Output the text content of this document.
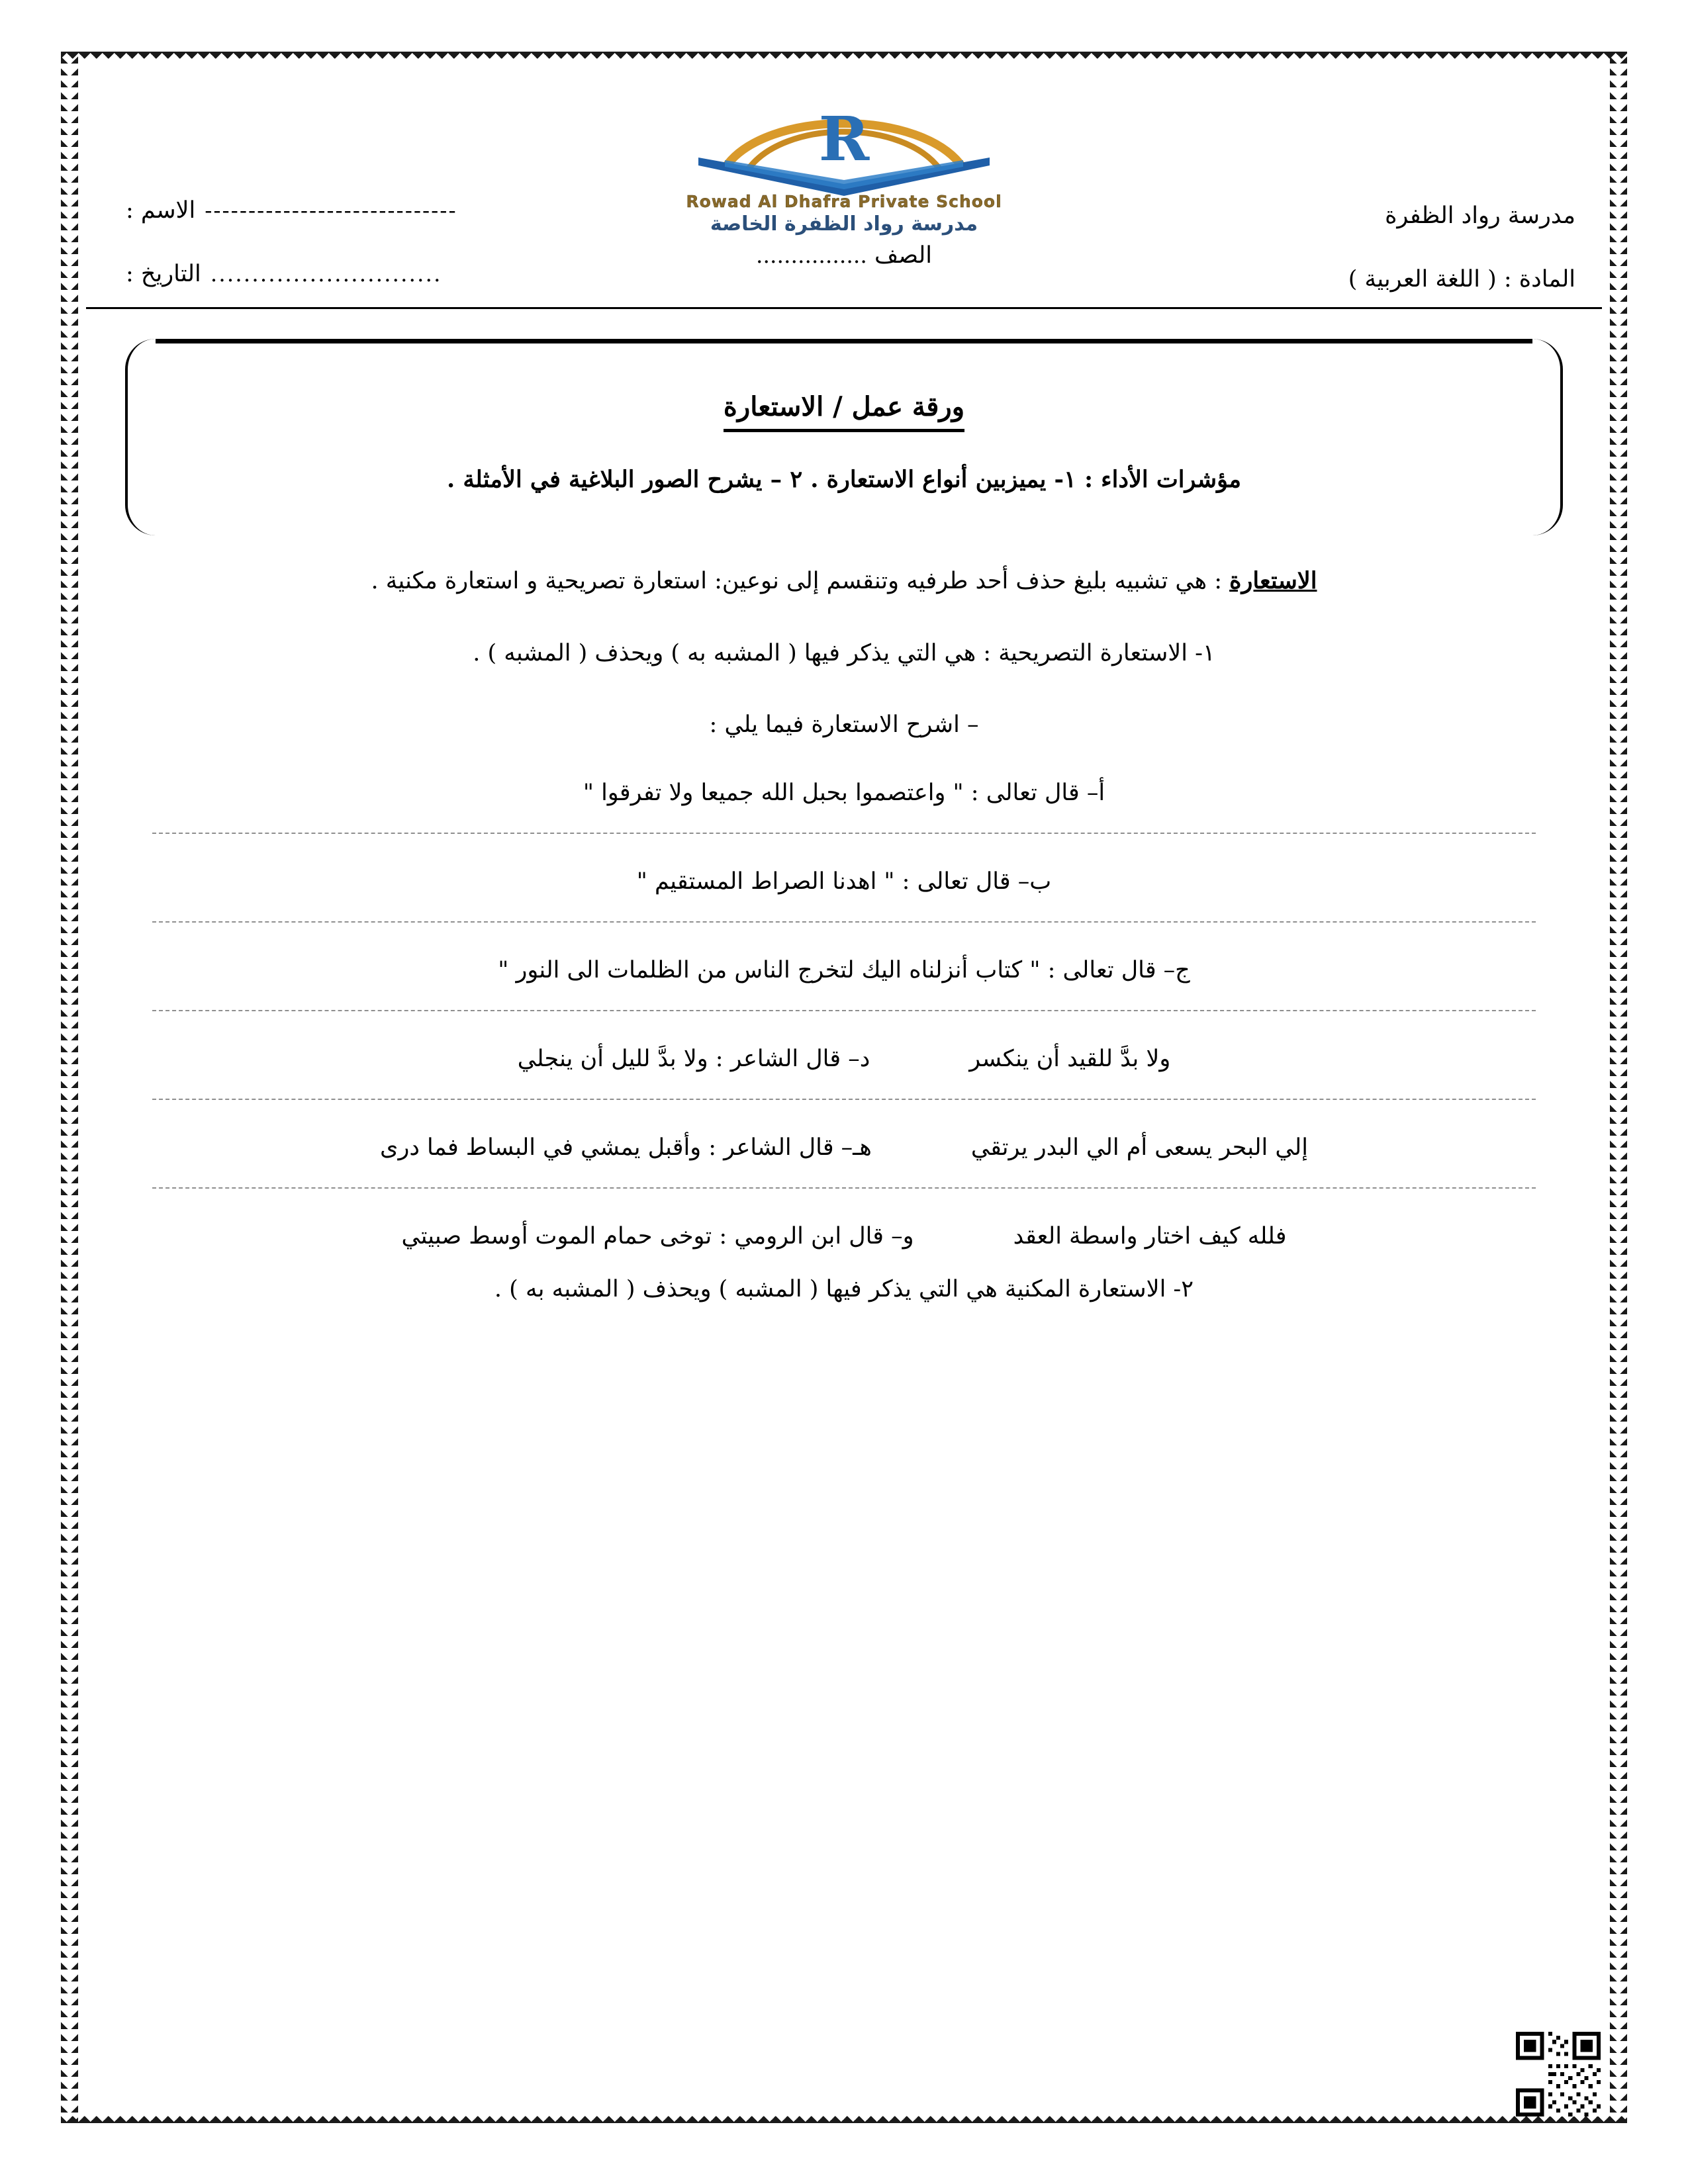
R
Rowad Al Dhafra Private School
مدرسة رواد الظفرة الخاصة	مدرسة رواد الظفرة
المادة : ( اللغة العربية )
الصف ................
الاسم : -----------------------------
التاريخ : ............................
ورقة عمل / الاستعارة
مؤشرات الأداء : ١- يميزبين أنواع الاستعارة . ٢ – يشرح الصور البلاغية في الأمثلة .

الاستعارة : هي تشبيه بليغ حذف أحد طرفيه وتنقسم إلى نوعين: استعارة تصريحية و استعارة مكنية .

١- الاستعارة التصريحية : هي التي يذكر فيها ( المشبه به ) ويحذف ( المشبه ) .

– اشرح الاستعارة فيما يلي :

أ– قال تعالى : " واعتصموا بحبل الله جميعا ولا تفرقوا "
ب– قال تعالى : " اهدنا الصراط المستقيم "
ج– قال تعالى : " كتاب أنزلناه اليك لتخرج الناس من الظلمات الى النور "
ولا بدَّ للقيد أن ينكسر
د– قال الشاعر : ولا بدَّ لليل أن ينجلي
إلي البحر يسعى أم الي البدر يرتقي
هـ– قال الشاعر : وأقبل يمشي في البساط فما درى
فلله كيف اختار واسطة العقد
و– قال ابن الرومي : توخى حمام الموت أوسط صبيتي
٢- الاستعارة المكنية هي التي يذكر فيها ( المشبه ) ويحذف ( المشبه به ) .
